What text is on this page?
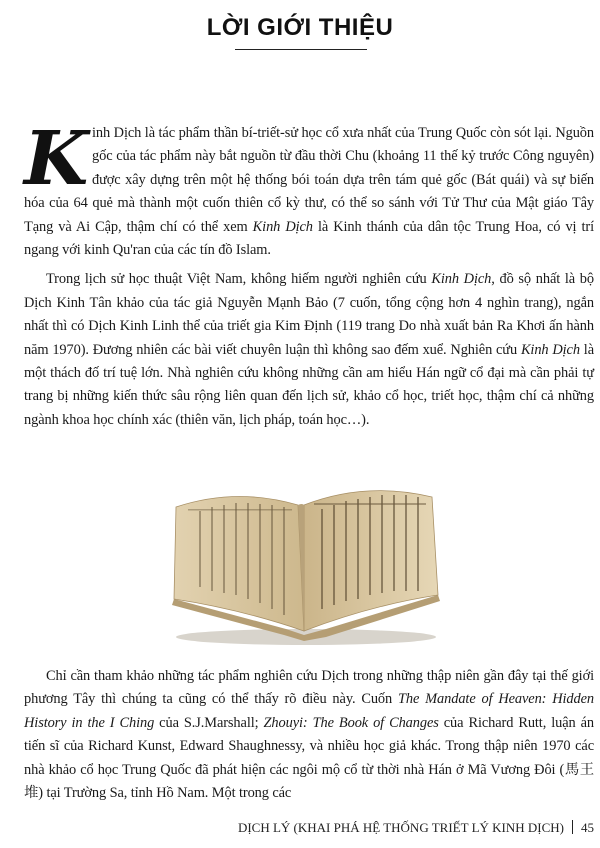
LỜI GIỚI THIỆU

Kinh Dịch là tác phẩm thần bí-triết-sử học cổ xưa nhất của Trung Quốc còn sót lại. Nguồn gốc của tác phẩm này bắt nguồn từ đầu thời Chu (khoảng 11 thế kỷ trước Công nguyên) được xây dựng trên một hệ thống bói toán dựa trên tám quẻ gốc (Bát quái) và sự biến hóa của 64 quẻ mà thành một cuốn thiên cổ kỳ thư, có thể so sánh với Tử Thư của Mật giáo Tây Tạng và Ai Cập, thậm chí có thể xem Kinh Dịch là Kinh thánh của dân tộc Trung Hoa, có vị trí ngang với kinh Qu'ran của các tín đồ Islam.

Trong lịch sử học thuật Việt Nam, không hiếm người nghiên cứu Kinh Dịch, đồ sộ nhất là bộ Dịch Kinh Tân khảo của tác giả Nguyễn Mạnh Bảo (7 cuốn, tổng cộng hơn 4 nghìn trang), ngắn nhất thì có Dịch Kinh Linh thể của triết gia Kim Định (119 trang Do nhà xuất bản Ra Khơi ấn hành năm 1970). Đương nhiên các bài viết chuyên luận thì không sao đếm xuể. Nghiên cứu Kinh Dịch là một thách đố trí tuệ lớn. Nhà nghiên cứu không những cần am hiểu Hán ngữ cổ đại mà cần phải tự trang bị những kiến thức sâu rộng liên quan đến lịch sử, khảo cổ học, triết học, thậm chí cả những ngành khoa học chính xác (thiên văn, lịch pháp, toán học…).

Chỉ cần tham khảo những tác phẩm nghiên cứu Dịch trong những thập niên gần đây tại thế giới phương Tây thì chúng ta cũng có thể thấy rõ điều này. Cuốn The Mandate of Heaven: Hidden History in the I Ching của S.J.Marshall; Zhouyi: The Book of Changes của Richard Rutt, luận án tiến sĩ của Richard Kunst, Edward Shaughnessy, và nhiều học giả khác. Trong thập niên 1970 các nhà khảo cổ học Trung Quốc đã phát hiện các ngôi mộ cổ từ thời nhà Hán ở Mã Vương Đôi (馬王堆) tại Trường Sa, tỉnh Hồ Nam. Một trong các

DỊCH LÝ (KHAI PHÁ HỆ THỐNG TRIẾT LÝ KINH DỊCH) 45
